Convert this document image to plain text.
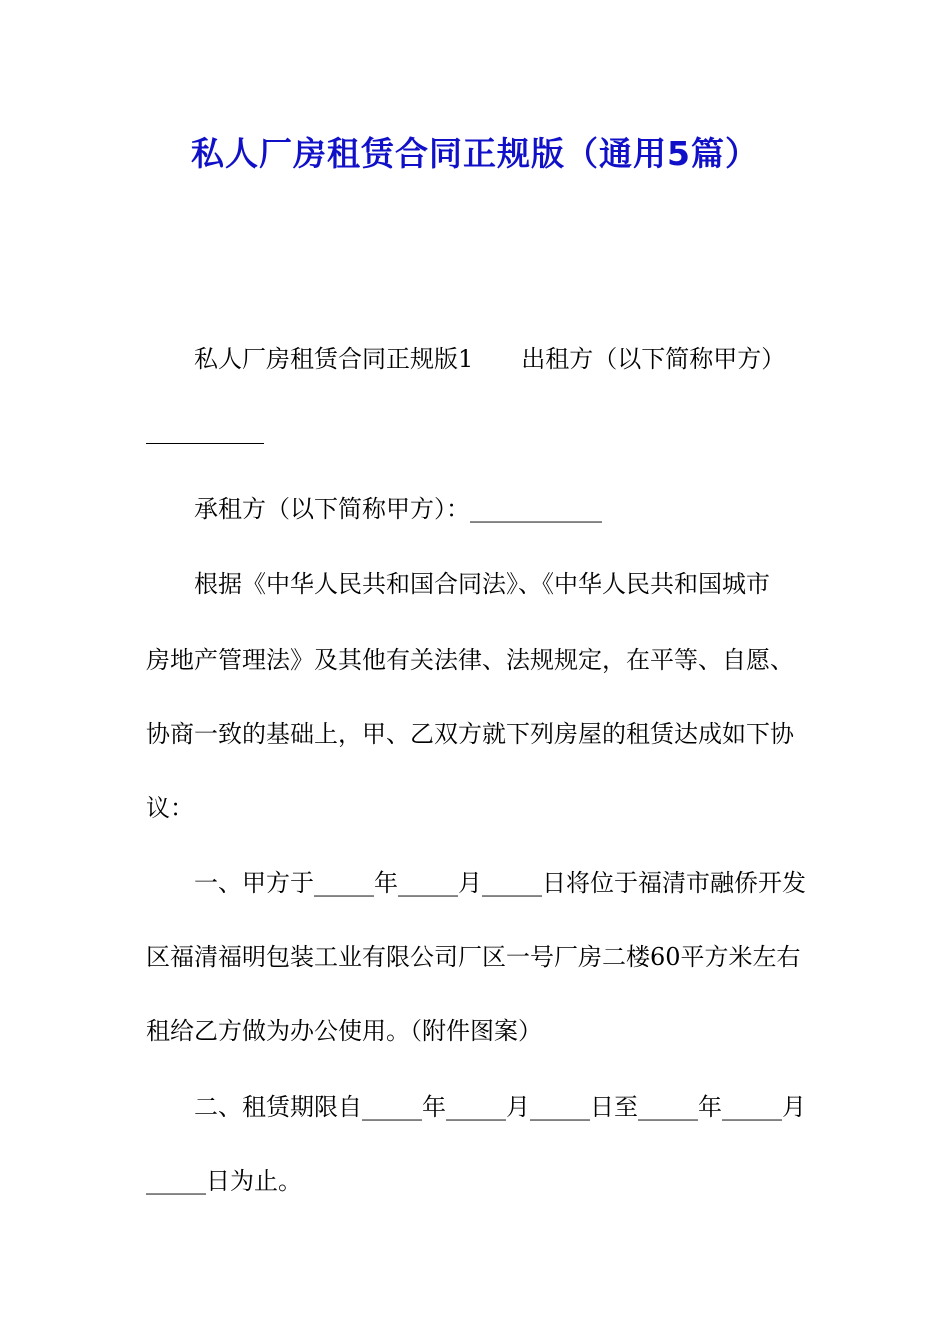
私人厂房租赁合同正规版（通用5篇）

私人厂房租赁合同正规版1　　出租方（以下简称甲方）

承租方（以下简称甲方）：___________

根据《中华人民共和国合同法》、《中华人民共和国城市

房地产管理法》及其他有关法律、法规规定，在平等、自愿、

协商一致的基础上，甲、乙双方就下列房屋的租赁达成如下协

议：

一、甲方于_____年_____月_____日将位于福清市融侨开发

区福清福明包装工业有限公司厂区一号厂房二楼60平方米左右

租给乙方做为办公使用。（附件图案）

二、租赁期限自_____年_____月_____日至_____年_____月

_____日为止。
